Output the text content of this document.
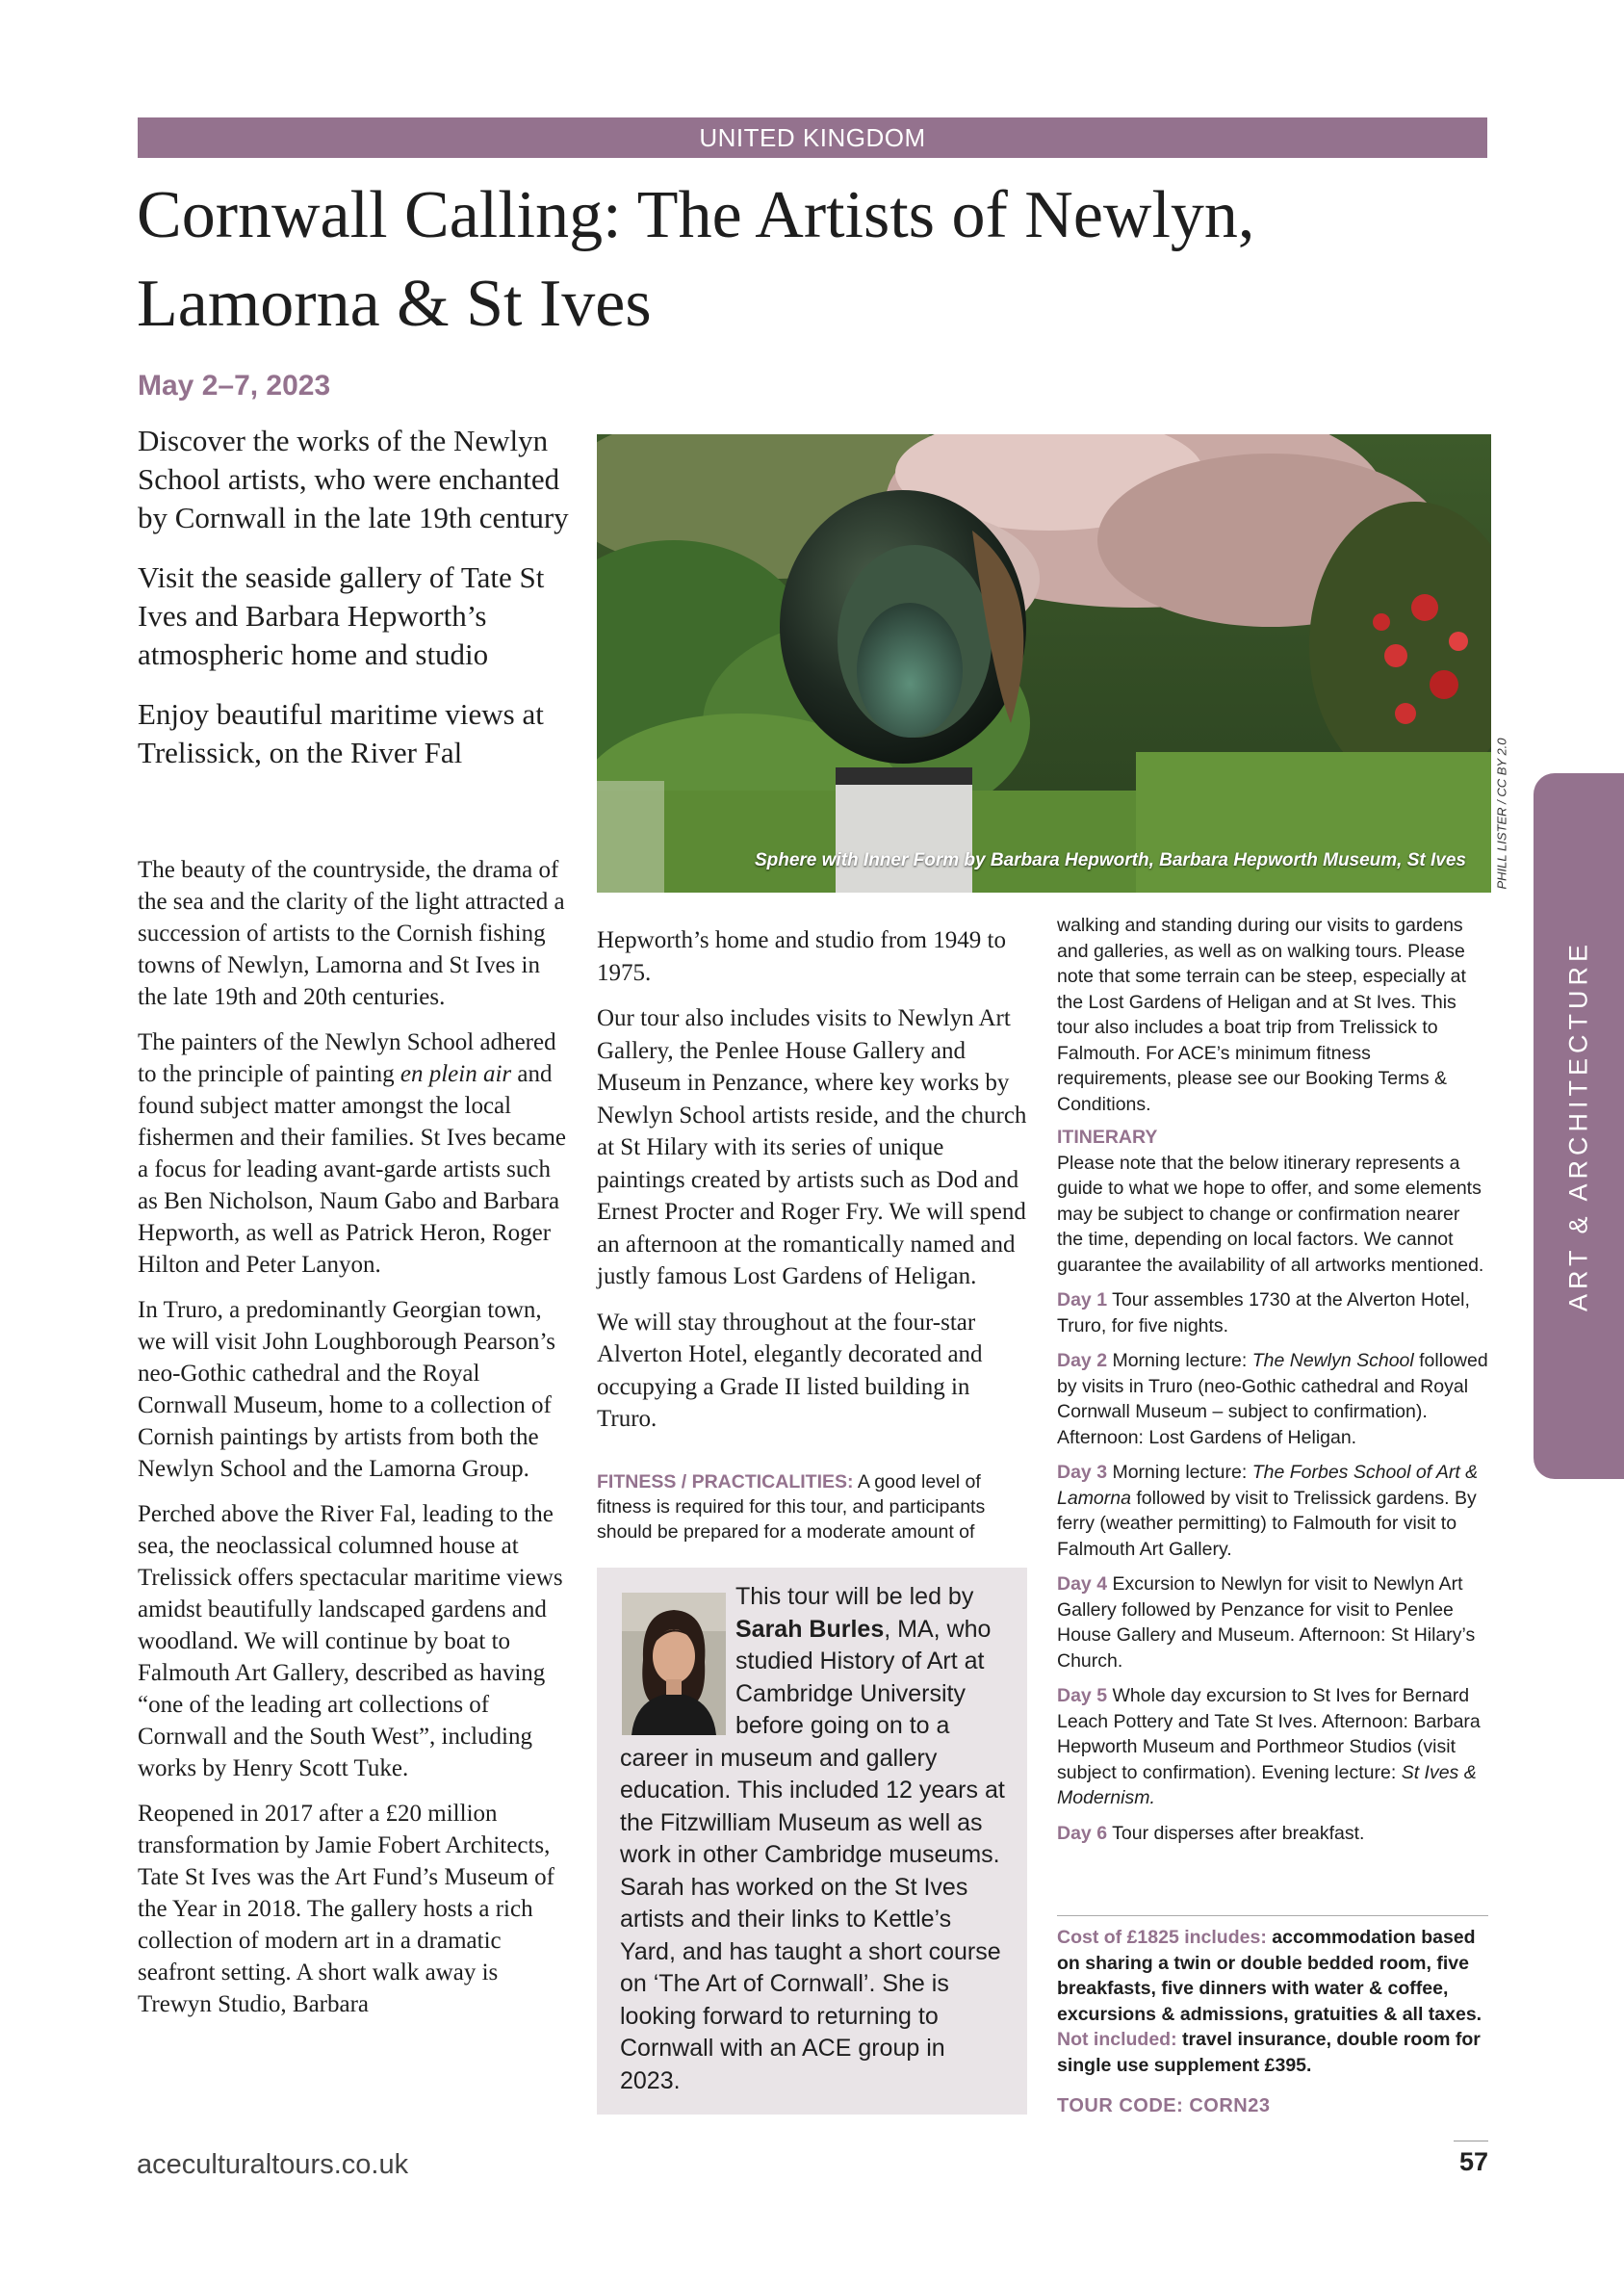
UNITED KINGDOM
Cornwall Calling: The Artists of Newlyn,
Lamorna & St Ives
May 2–7, 2023

Discover the works of the Newlyn School artists, who were enchanted by Cornwall in the late 19th century

Visit the seaside gallery of Tate St Ives and Barbara Hepworth’s atmospheric home and studio

Enjoy beautiful maritime views at Trelissick, on the River Fal

The beauty of the countryside, the drama of the sea and the clarity of the light attracted a succession of artists to the Cornish fishing towns of Newlyn, Lamorna and St Ives in the late 19th and 20th centuries.

The painters of the Newlyn School adhered to the principle of painting en plein air and found subject matter amongst the local fishermen and their families. St Ives became a focus for leading avant-garde artists such as Ben Nicholson, Naum Gabo and Barbara Hepworth, as well as Patrick Heron, Roger Hilton and Peter Lanyon.

In Truro, a predominantly Georgian town, we will visit John Loughborough Pearson’s neo-Gothic cathedral and the Royal Cornwall Museum, home to a collection of Cornish paintings by artists from both the Newlyn School and the Lamorna Group.

Perched above the River Fal, leading to the sea, the neoclassical columned house at Trelissick offers spectacular maritime views amidst beautifully landscaped gardens and woodland. We will continue by boat to Falmouth Art Gallery, described as having “one of the leading art collections of Cornwall and the South West”, including works by Henry Scott Tuke.

Reopened in 2017 after a £20 million transformation by Jamie Fobert Architects, Tate St Ives was the Art Fund’s Museum of the Year in 2018. The gallery hosts a rich collection of modern art in a dramatic seafront setting. A short walk away is Trewyn Studio, Barbara

Sphere with Inner Form by Barbara Hepworth, Barbara Hepworth Museum, St Ives PHILL LISTER / CC BY 2.0

Hepworth’s home and studio from 1949 to 1975.

Our tour also includes visits to Newlyn Art Gallery, the Penlee House Gallery and Museum in Penzance, where key works by Newlyn School artists reside, and the church at St Hilary with its series of unique paintings created by artists such as Dod and Ernest Procter and Roger Fry. We will spend an afternoon at the romantically named and justly famous Lost Gardens of Heligan.

We will stay throughout at the four-star Alverton Hotel, elegantly decorated and occupying a Grade II listed building in Truro.

FITNESS / PRACTICALITIES: A good level of fitness is required for this tour, and participants should be prepared for a moderate amount of
This tour will be led by Sarah Burles, MA, who studied History of Art at Cambridge University before going on to a career in museum and gallery education. This included 12 years at the Fitzwilliam Museum as well as work in other Cambridge museums. Sarah has worked on the St Ives artists and their links to Kettle’s Yard, and has taught a short course on ‘The Art of Cornwall’. She is looking forward to returning to Cornwall with an ACE group in 2023.

walking and standing during our visits to gardens and galleries, as well as on walking tours. Please note that some terrain can be steep, especially at the Lost Gardens of Heligan and at St Ives. This tour also includes a boat trip from Trelissick to Falmouth. For ACE’s minimum fitness requirements, please see our Booking Terms & Conditions.

ITINERARY

Please note that the below itinerary represents a guide to what we hope to offer, and some elements may be subject to change or confirmation nearer the time, depending on local factors. We cannot guarantee the availability of all artworks mentioned.

Day 1 Tour assembles 1730 at the Alverton Hotel, Truro, for five nights.

Day 2 Morning lecture: The Newlyn School followed by visits in Truro (neo-Gothic cathedral and Royal Cornwall Museum – subject to confirmation). Afternoon: Lost Gardens of Heligan.

Day 3 Morning lecture: The Forbes School of Art & Lamorna followed by visit to Trelissick gardens. By ferry (weather permitting) to Falmouth for visit to Falmouth Art Gallery.

Day 4 Excursion to Newlyn for visit to Newlyn Art Gallery followed by Penzance for visit to Penlee House Gallery and Museum. Afternoon: St Hilary’s Church.

Day 5 Whole day excursion to St Ives for Bernard Leach Pottery and Tate St Ives. Afternoon: Barbara Hepworth Museum and Porthmeor Studios (visit subject to confirmation). Evening lecture: St Ives & Modernism.

Day 6 Tour disperses after breakfast.

Cost of £1825 includes: accommodation based on sharing a twin or double bedded room, five breakfasts, five dinners with water & coffee, excursions & admissions, gratuities & all taxes. Not included: travel insurance, double room for single use supplement £395.
TOUR CODE: CORN23
ART & ARCHITECTURE
aceculturaltours.co.uk	57
